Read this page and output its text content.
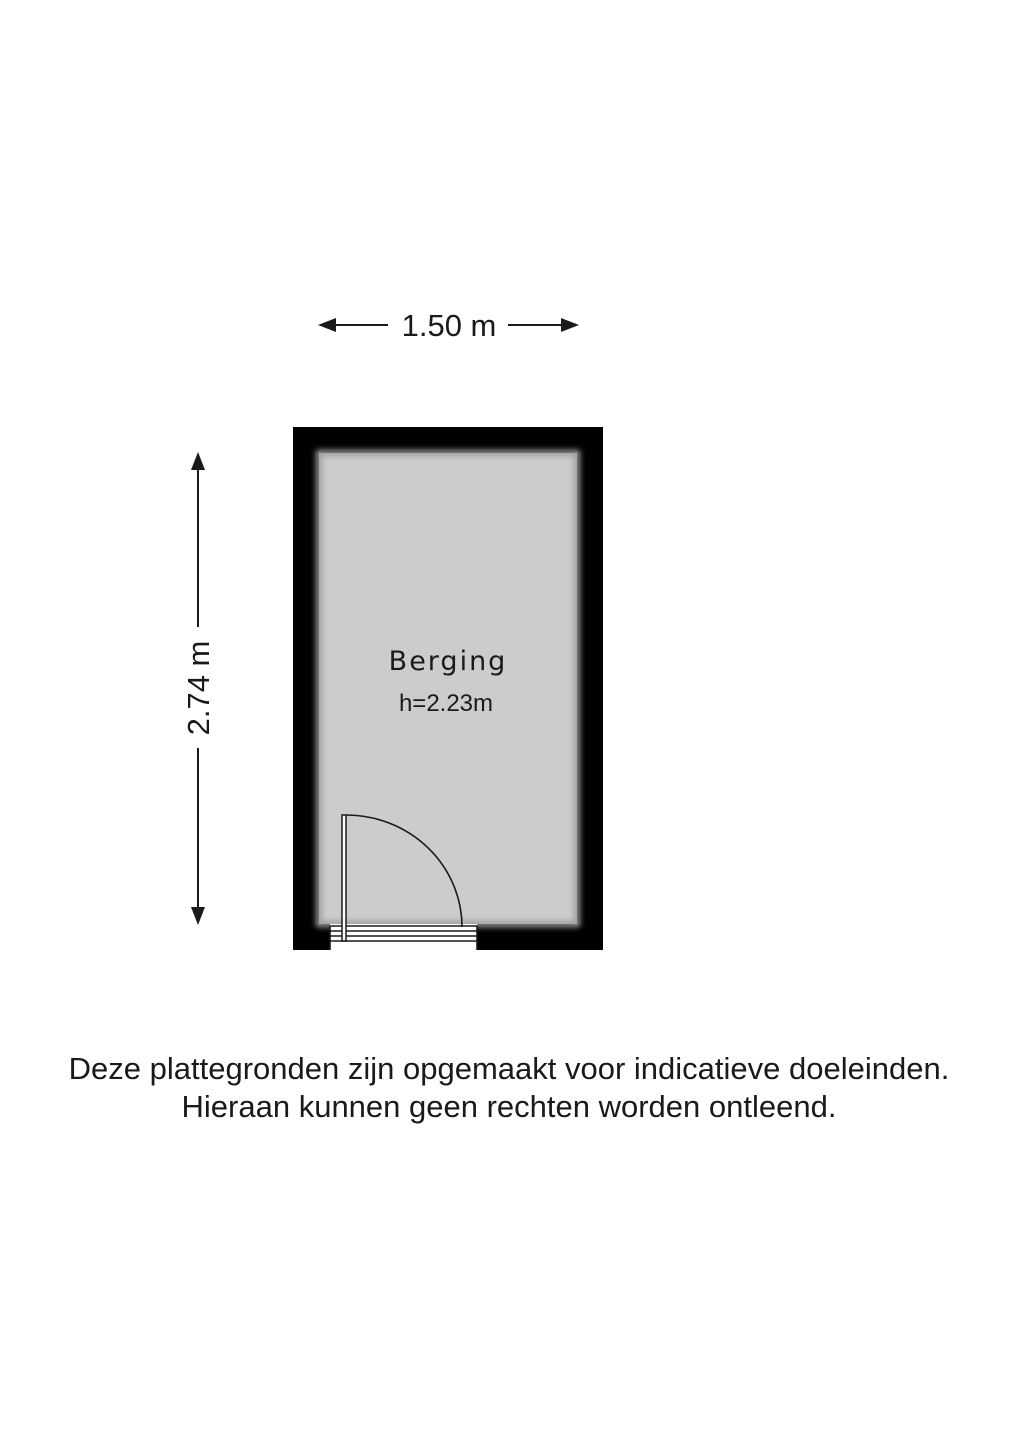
1.50 m
2.74 m	Berging
h=2.23m
Deze plattegronden zijn opgemaakt voor indicatieve doeleinden.
Hieraan kunnen geen rechten worden ontleend.
